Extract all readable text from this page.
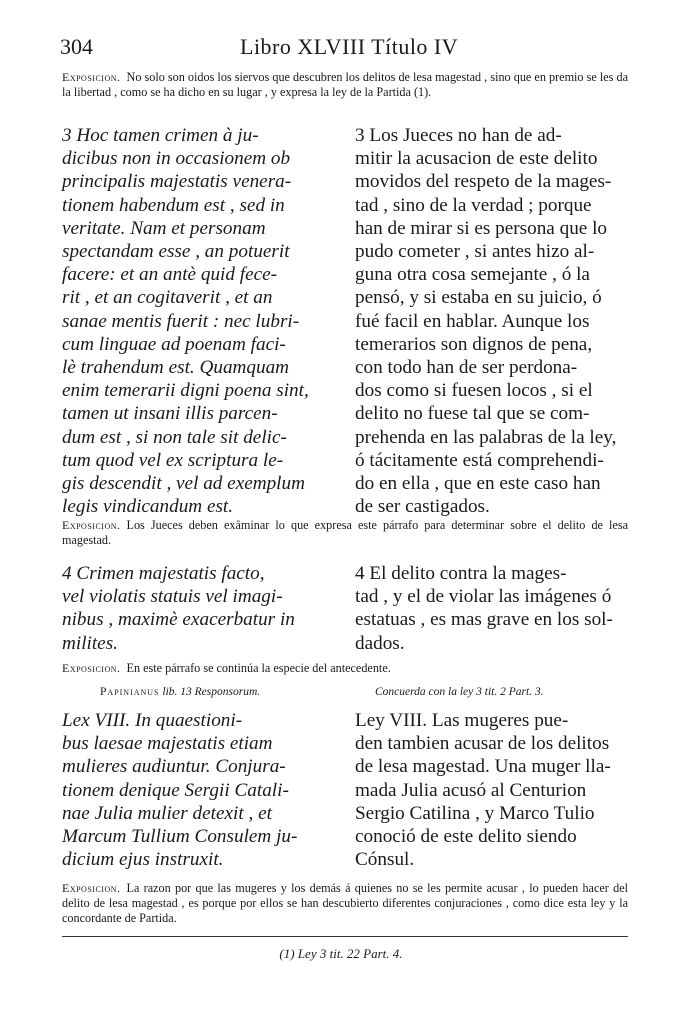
304	Libro XLVIII Título IV
Exposicion. No solo son oidos los siervos que descubren los delitos de lesa magestad , sino que en premio se les da la libertad , como se ha dicho en su lugar , y expresa la ley de la Partida (1).

3 Hoc tamen crimen à ju-
dicibus non in occasionem ob
principalis majestatis venera-
tionem habendum est , sed in
veritate. Nam et personam
spectandam esse , an potuerit
facere: et an antè quid fece-
rit , et an cogitaverit , et an
sanae mentis fuerit : nec lubri-
cum linguae ad poenam faci-
lè trahendum est. Quamquam
enim temerarii digni poena sint,
tamen ut insani illis parcen-
dum est , si non tale sit delic-
tum quod vel ex scriptura le-
gis descendit , vel ad exemplum
legis vindicandum est.

3 Los Jueces no han de ad-
mitir la acusacion de este delito
movidos del respeto de la mages-
tad , sino de la verdad ; porque
han de mirar si es persona que lo
pudo cometer , si antes hizo al-
guna otra cosa semejante , ó la
pensó, y si estaba en su juicio, ó
fué facil en hablar. Aunque los
temerarios son dignos de pena,
con todo han de ser perdona-
dos como si fuesen locos , si el
delito no fuese tal que se com-
prehenda en las palabras de la ley,
ó tácitamente está comprehendi-
do en ella , que en este caso han
de ser castigados.

Exposicion. Los Jueces deben exâminar lo que expresa este párrafo para determinar sobre el delito de lesa magestad.

4 Crimen majestatis facto,
vel violatis statuis vel imagi-
nibus , maximè exacerbatur in
milites.

4 El delito contra la mages-
tad , y el de violar las imágenes ó
estatuas , es mas grave en los sol-
dados.

Exposicion. En este párrafo se continúa la especie del antecedente.
Papinianus lib. 13 Responsorum.	Concuerda con la ley 3 tit. 2 Part. 3.

Lex VIII. In quaestioni-
bus laesae majestatis etiam
mulieres audiuntur. Conjura-
tionem denique Sergii Catali-
nae Julia mulier detexit , et
Marcum Tullium Consulem ju-
dicium ejus instruxit.

Ley VIII. Las mugeres pue-
den tambien acusar de los delitos
de lesa magestad. Una muger lla-
mada Julia acusó al Centurion
Sergio Catilina , y Marco Tulio
conoció de este delito siendo
Cónsul.

Exposicion. La razon por que las mugeres y los demás á quienes no se les permite acusar , lo pueden hacer del delito de lesa magestad , es porque por ellos se han descubierto diferentes conjuraciones , como dice esta ley y la concordante de Partida.
(1) Ley 3 tit. 22 Part. 4.
